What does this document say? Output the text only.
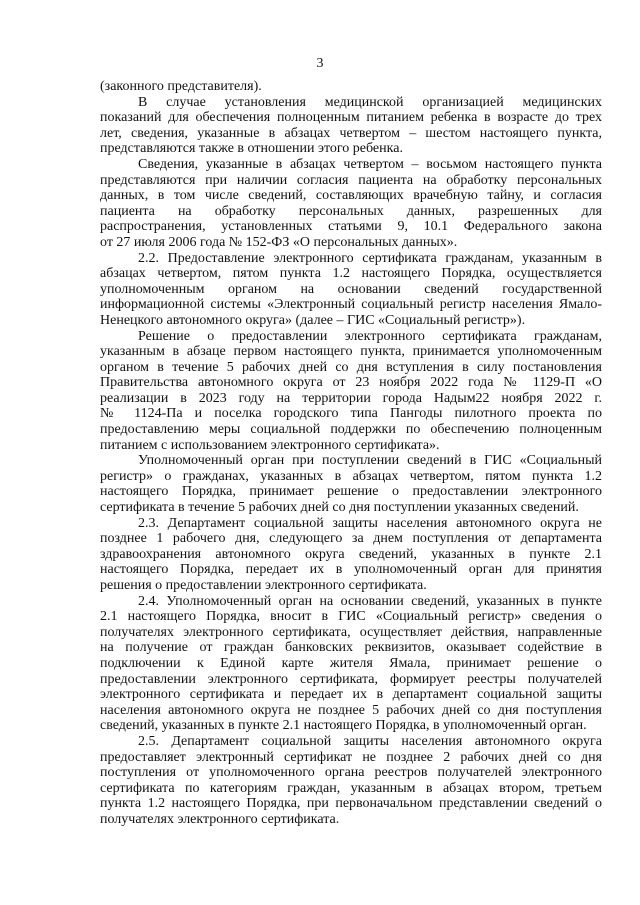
3
(законного представителя).
В случае установления медицинской организацией медицинских
показаний для обеспечения полноценным питанием ребенка в возрасте до трех
лет, сведения, указанные в абзацах четвертом – шестом настоящего пункта,
представляются также в отношении этого ребенка.
Сведения, указанные в абзацах четвертом – восьмом настоящего пункта
представляются при наличии согласия пациента на обработку персональных
данных, в том числе сведений, составляющих врачебную тайну, и согласия
пациента на обработку персональных данных, разрешенных для
распространения, установленных статьями 9, 10.1 Федерального закона
от 27 июля 2006 года № 152-ФЗ «О персональных данных».
2.2. Предоставление электронного сертификата гражданам, указанным в
абзацах четвертом, пятом пункта 1.2 настоящего Порядка, осуществляется
уполномоченным органом на основании сведений государственной
информационной системы «Электронный социальный регистр населения Ямало-
Ненецкого автономного округа» (далее – ГИС «Социальный регистр»).
Решение о предоставлении электронного сертификата гражданам,
указанным в абзаце первом настоящего пункта, принимается уполномоченным
органом в течение 5 рабочих дней со дня вступления в силу постановления
Правительства автономного округа от 23 ноября 2022 года № 1129-П «О
реализации в 2023 году на территории города Надым22 ноября 2022 г.
№ 1124-Па и поселка городского типа Пангоды пилотного проекта по
предоставлению меры социальной поддержки по обеспечению полноценным
питанием с использованием электронного сертификата».
Уполномоченный орган при поступлении сведений в ГИС «Социальный
регистр» о гражданах, указанных в абзацах четвертом, пятом пункта 1.2
настоящего Порядка, принимает решение о предоставлении электронного
сертификата в течение 5 рабочих дней со дня поступлении указанных сведений.
2.3. Департамент социальной защиты населения автономного округа не
позднее 1 рабочего дня, следующего за днем поступления от департамента
здравоохранения автономного округа сведений, указанных в пункте 2.1
настоящего Порядка, передает их в уполномоченный орган для принятия
решения о предоставлении электронного сертификата.
2.4. Уполномоченный орган на основании сведений, указанных в пункте
2.1 настоящего Порядка, вносит в ГИС «Социальный регистр» сведения о
получателях электронного сертификата, осуществляет действия, направленные
на получение от граждан банковских реквизитов, оказывает содействие в
подключении к Единой карте жителя Ямала, принимает решение о
предоставлении электронного сертификата, формирует реестры получателей
электронного сертификата и передает их в департамент социальной защиты
населения автономного округа не позднее 5 рабочих дней со дня поступления
сведений, указанных в пункте 2.1 настоящего Порядка, в уполномоченный орган.
2.5. Департамент социальной защиты населения автономного округа
предоставляет электронный сертификат не позднее 2 рабочих дней со дня
поступления от уполномоченного органа реестров получателей электронного
сертификата по категориям граждан, указанным в абзацах втором, третьем
пункта 1.2 настоящего Порядка, при первоначальном представлении сведений о
получателях электронного сертификата.
